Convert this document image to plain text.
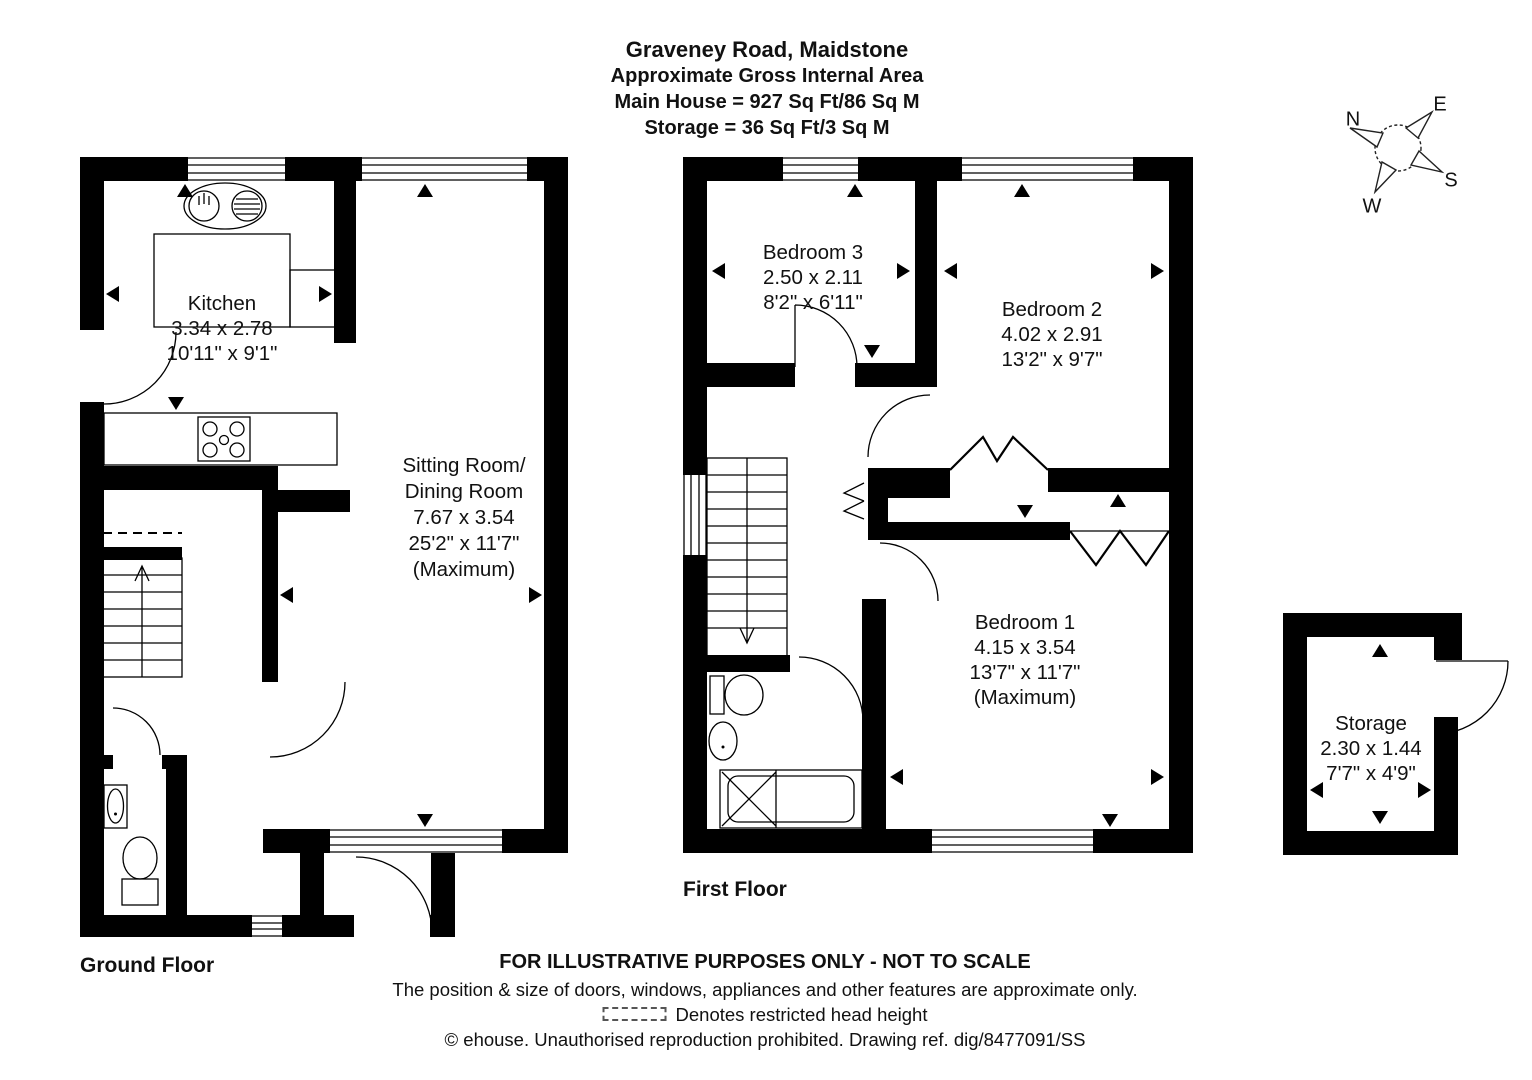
Graveney Road, Maidstone
Approximate Gross Internal Area
Main House = 927 Sq Ft/86 Sq M
Storage = 36 Sq Ft/3 Sq M	N
E
S
W
Kitchen
3.34 x 2.78
10'11" x 9'1"
Sitting Room/
Dining Room
7.67 x 3.54
25'2" x 11'7"
(Maximum)
Bedroom 3
2.50 x 2.11
8'2" x 6'11"	Bedroom 2
4.02 x 2.91
13'2" x 9'7"
Bedroom 1
4.15 x 3.54
13'7" x 11'7"
(Maximum)
Storage
2.30 x 1.44
7'7" x 4'9"
Ground Floor
First Floor
FOR ILLUSTRATIVE PURPOSES ONLY - NOT TO SCALE
The position & size of doors, windows, appliances and other features are approximate only.
Denotes restricted head height
© ehouse. Unauthorised reproduction prohibited. Drawing ref. dig/8477091/SS
